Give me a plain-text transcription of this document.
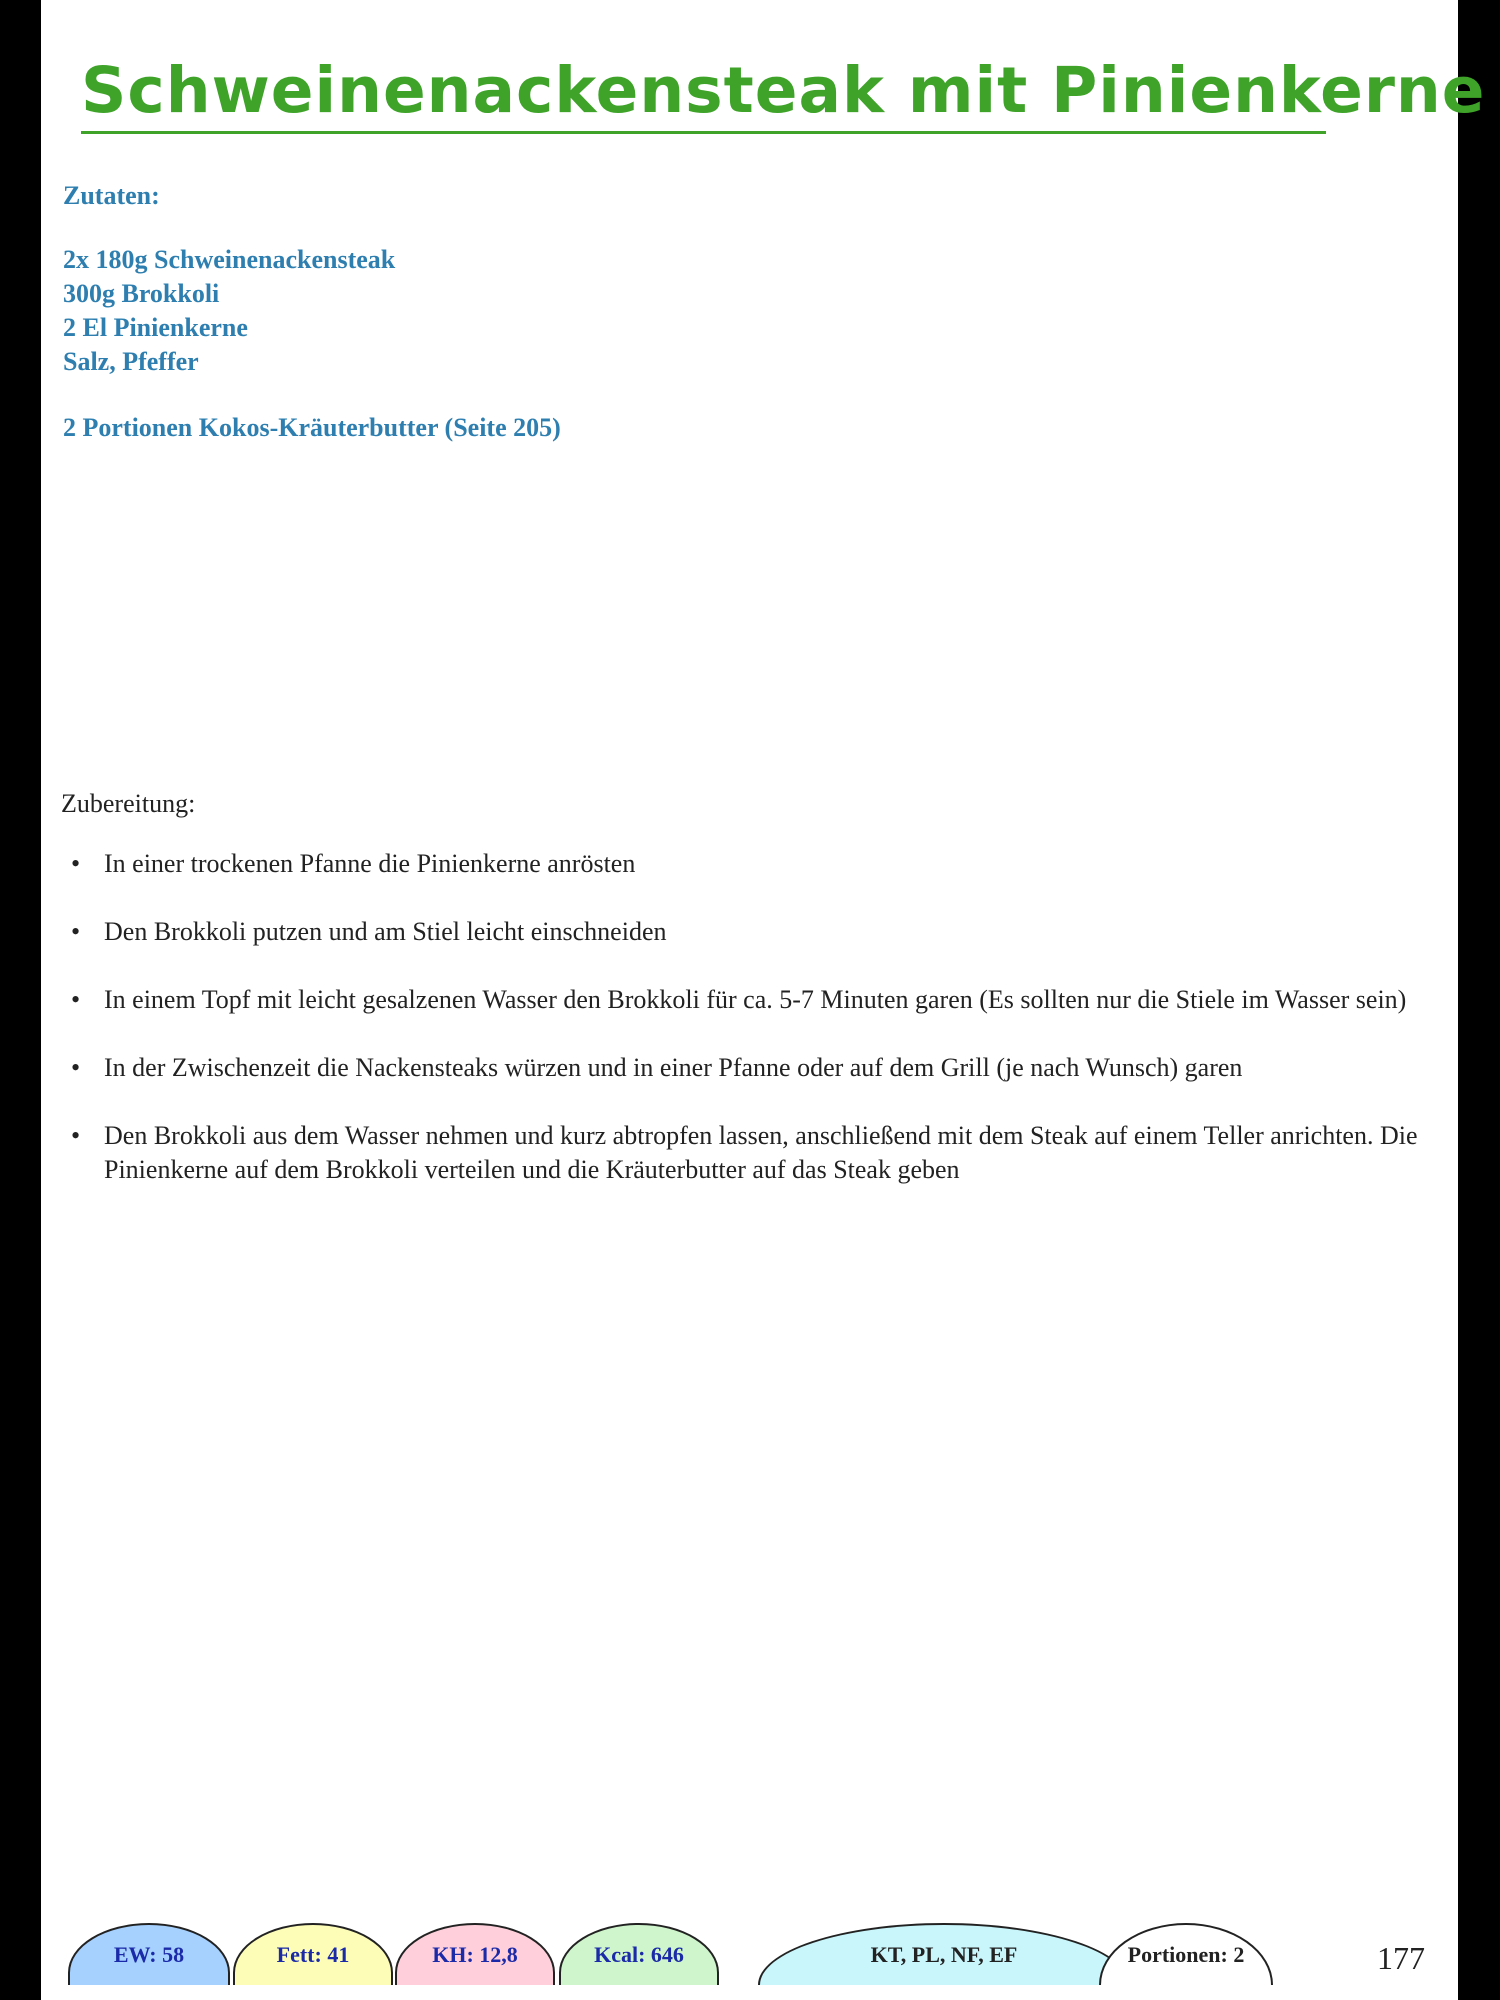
Schweinenackensteak mit Pinienkerne
Zutaten:
2x 180g Schweinenackensteak
300g Brokkoli
2 El Pinienkerne
Salz, Pfeffer
2 Portionen Kokos-Kräuterbutter (Seite 205)
Zubereitung:
• In einer trockenen Pfanne die Pinienkerne anrösten
• Den Brokkoli putzen und am Stiel leicht einschneiden
• In einem Topf mit leicht gesalzenen Wasser den Brokkoli für ca. 5-7 Minuten garen (Es sollten nur die Stiele im Wasser sein)
• In der Zwischenzeit die Nackensteaks würzen und in einer Pfanne oder auf dem Grill (je nach Wunsch) garen
• Den Brokkoli aus dem Wasser nehmen und kurz abtropfen lassen, anschließend mit dem Steak auf einem Teller anrichten. Die Pinienkerne auf dem Brokkoli verteilen und die Kräuterbutter auf das Steak geben
EW: 58	Fett: 41	KH: 12,8	Kcal: 646	KT, PL, NF, EF	Portionen: 2	177
